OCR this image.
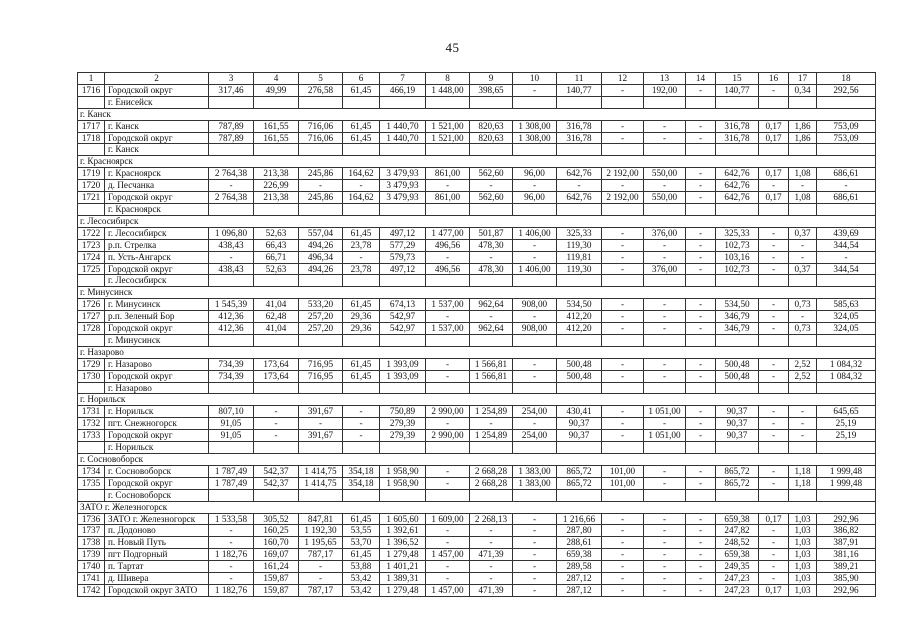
45
1	2	3	4	5	6	7	8	9	10	11	12	13	14	15	16	17	18
1716	Городской округ	317,46	49,99	276,58	61,45	466,19	1 448,00	398,65	-	140,77	-	192,00	-	140,77	-	0,34	292,56
	г. Енисейск																
г. Канск																	
1717	г. Канск	787,89	161,55	716,06	61,45	1 440,70	1 521,00	820,63	1 308,00	316,78	-	-	-	316,78	0,17	1,86	753,09
1718	Городской округ	787,89	161,55	716,06	61,45	1 440,70	1 521,00	820,63	1 308,00	316,78	-	-	-	316,78	0,17	1,86	753,09
	г. Канск																
г. Красноярск																	
1719	г. Красноярск	2 764,38	213,38	245,86	164,62	3 479,93	861,00	562,60	96,00	642,76	2 192,00	550,00	-	642,76	0,17	1,08	686,61
1720	д. Песчанка	-	226,99	-	-	3 479,93	-	-	-	-	-	-	-	642,76	-	-	-
1721	Городской округ	2 764,38	213,38	245,86	164,62	3 479,93	861,00	562,60	96,00	642,76	2 192,00	550,00	-	642,76	0,17	1,08	686,61
	г. Красноярск																
г. Лесосибирск																	
1722	г. Лесосибирск	1 096,80	52,63	557,04	61,45	497,12	1 477,00	501,87	1 406,00	325,33	-	376,00	-	325,33	-	0,37	439,69
1723	р.п. Стрелка	438,43	66,43	494,26	23,78	577,29	496,56	478,30	-	119,30	-	-	-	102,73	-	-	344,54
1724	п. Усть-Ангарск	-	66,71	496,34	-	579,73	-	-	-	119,81	-	-	-	103,16	-	-	-
1725	Городской округ	438,43	52,63	494,26	23,78	497,12	496,56	478,30	1 406,00	119,30	-	376,00	-	102,73	-	0,37	344,54
	г. Лесосибирск																
г. Минусинск																	
1726	г. Минусинск	1 545,39	41,04	533,20	61,45	674,13	1 537,00	962,64	908,00	534,50	-	-	-	534,50	-	0,73	585,63
1727	р.п. Зеленый Бор	412,36	62,48	257,20	29,36	542,97	-	-	-	412,20	-	-	-	346,79	-	-	324,05
1728	Городской округ	412,36	41,04	257,20	29,36	542,97	1 537,00	962,64	908,00	412,20	-	-	-	346,79	-	0,73	324,05
	г. Минусинск																
г. Назарово																	
1729	г. Назарово	734,39	173,64	716,95	61,45	1 393,09	-	1 566,81	-	500,48	-	-	-	500,48	-	2,52	1 084,32
1730	Городской округ	734,39	173,64	716,95	61,45	1 393,09	-	1 566,81	-	500,48	-	-	-	500,48	-	2,52	1 084,32
	г. Назарово																
г. Норильск																	
1731	г. Норильск	807,10	-	391,67	-	750,89	2 990,00	1 254,89	254,00	430,41	-	1 051,00	-	90,37	-	-	645,65
1732	пгт. Снежногорск	91,05	-	-	-	279,39	-	-	-	90,37	-	-	-	90,37	-	-	25,19
1733	Городской округ	91,05	-	391,67	-	279,39	2 990,00	1 254,89	254,00	90,37	-	1 051,00	-	90,37	-	-	25,19
	г. Норильск																
г. Сосновоборск																	
1734	г. Сосновоборск	1 787,49	542,37	1 414,75	354,18	1 958,90	-	2 668,28	1 383,00	865,72	101,00	-	-	865,72	-	1,18	1 999,48
1735	Городской округ	1 787,49	542,37	1 414,75	354,18	1 958,90	-	2 668,28	1 383,00	865,72	101,00	-	-	865,72	-	1,18	1 999,48
	г. Сосновоборск																
ЗАТО г. Железногорск																	
1736	ЗАТО г. Железногорск	1 533,58	305,52	847,81	61,45	1 605,60	1 609,00	2 268,13	-	1 216,66	-	-	-	659,38	0,17	1,03	292,96
1737	п. Додоново	-	160,25	1 192,30	53,55	1 392,61	-	-	-	287,80	-	-	-	247,82	-	1,03	386,82
1738	п. Новый Путь	-	160,70	1 195,65	53,70	1 396,52	-	-	-	288,61	-	-	-	248,52	-	1,03	387,91
1739	пгт Подгорный	1 182,76	169,07	787,17	61,45	1 279,48	1 457,00	471,39	-	659,38	-	-	-	659,38	-	1,03	381,16
1740	п. Тартат	-	161,24	-	53,88	1 401,21	-	-	-	289,58	-	-	-	249,35	-	1,03	389,21
1741	д. Шивера	-	159,87	-	53,42	1 389,31	-	-	-	287,12	-	-	-	247,23	-	1,03	385,90
1742	Городской округ ЗАТО	1 182,76	159,87	787,17	53,42	1 279,48	1 457,00	471,39	-	287,12	-	-	-	247,23	0,17	1,03	292,96
